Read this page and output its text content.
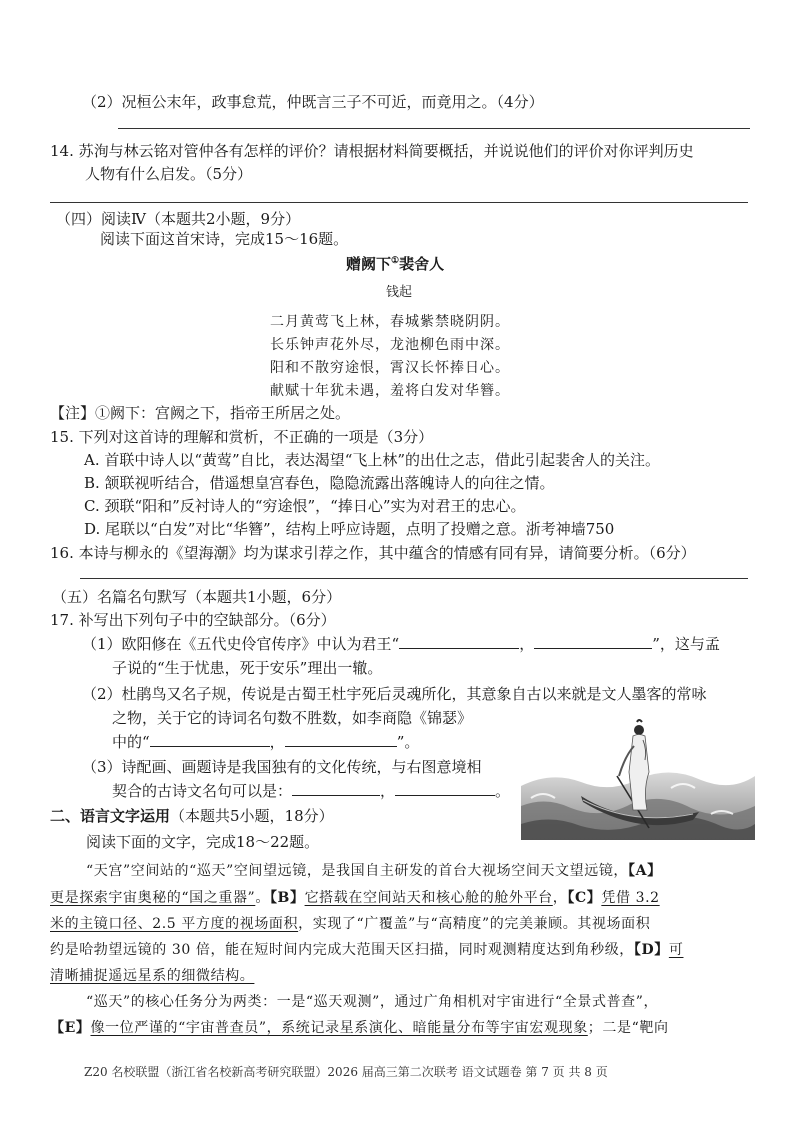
（2）况桓公末年，政事怠荒，仲既言三子不可近，而竟用之。（4分）
14. 苏洵与林云铭对管仲各有怎样的评价？请根据材料简要概括，并说说他们的评价对你评判历史
人物有什么启发。（5分）
（四）阅读Ⅳ（本题共2小题，9分）
阅读下面这首宋诗，完成15～16题。
赠阙下①裴舍人
钱起
二月黄莺飞上林，春城紫禁晓阴阴。
长乐钟声花外尽，龙池柳色雨中深。
阳和不散穷途恨，霄汉长怀捧日心。
献赋十年犹未遇，羞将白发对华簪。
【注】①阙下：宫阙之下，指帝王所居之处。
15. 下列对这首诗的理解和赏析，不正确的一项是（3分）
A. 首联中诗人以“黄莺”自比，表达渴望“飞上林”的出仕之志，借此引起裴舍人的关注。
B. 颔联视听结合，借遥想皇宫春色，隐隐流露出落魄诗人的向往之情。
C. 颈联“阳和”反衬诗人的“穷途恨”，“捧日心”实为对君王的忠心。
D. 尾联以“白发”对比“华簪”，结构上呼应诗题，点明了投赠之意。浙考神墙750
16. 本诗与柳永的《望海潮》均为谋求引荐之作，其中蕴含的情感有同有异，请简要分析。（6分）
（五）名篇名句默写（本题共1小题，6分）
17. 补写出下列句子中的空缺部分。（6分）
（1）欧阳修在《五代史伶官传序》中认为君王“	，	”，这与孟
子说的“生于忧患，死于安乐”理出一辙。
（2）杜鹃鸟又名子规，传说是古蜀王杜宇死后灵魂所化，其意象自古以来就是文人墨客的常咏
之物，关于它的诗词名句数不胜数，如李商隐《锦瑟》
中的“	，	”。
（3）诗配画、画题诗是我国独有的文化传统，与右图意境相
契合的古诗文名句可以是：	，	。
二、语言文字运用（本题共5小题，18分）
阅读下面的文字，完成18～22题。
“天宫”空间站的“巡天”空间望远镜，是我国自主研发的首台大视场空间天文望远镜，【A】
更是探索宇宙奥秘的“国之重器”。【B】它搭载在空间站天和核心舱的舱外平台，【C】凭借 3.2
米的主镜口径、2.5 平方度的视场面积，实现了“广覆盖”与“高精度”的完美兼顾。其视场面积
约是哈勃望远镜的 30 倍，能在短时间内完成大范围天区扫描，同时观测精度达到角秒级，【D】可
清晰捕捉遥远星系的细微结构。
“巡天”的核心任务分为两类：一是“巡天观测”，通过广角相机对宇宙进行“全景式普查”，
【E】像一位严谨的“宇宙普查员”，系统记录星系演化、暗能量分布等宇宙宏观现象；二是“靶向
Z20 名校联盟（浙江省名校新高考研究联盟）2026 届高三第二次联考 语文试题卷 第 7 页 共 8 页
